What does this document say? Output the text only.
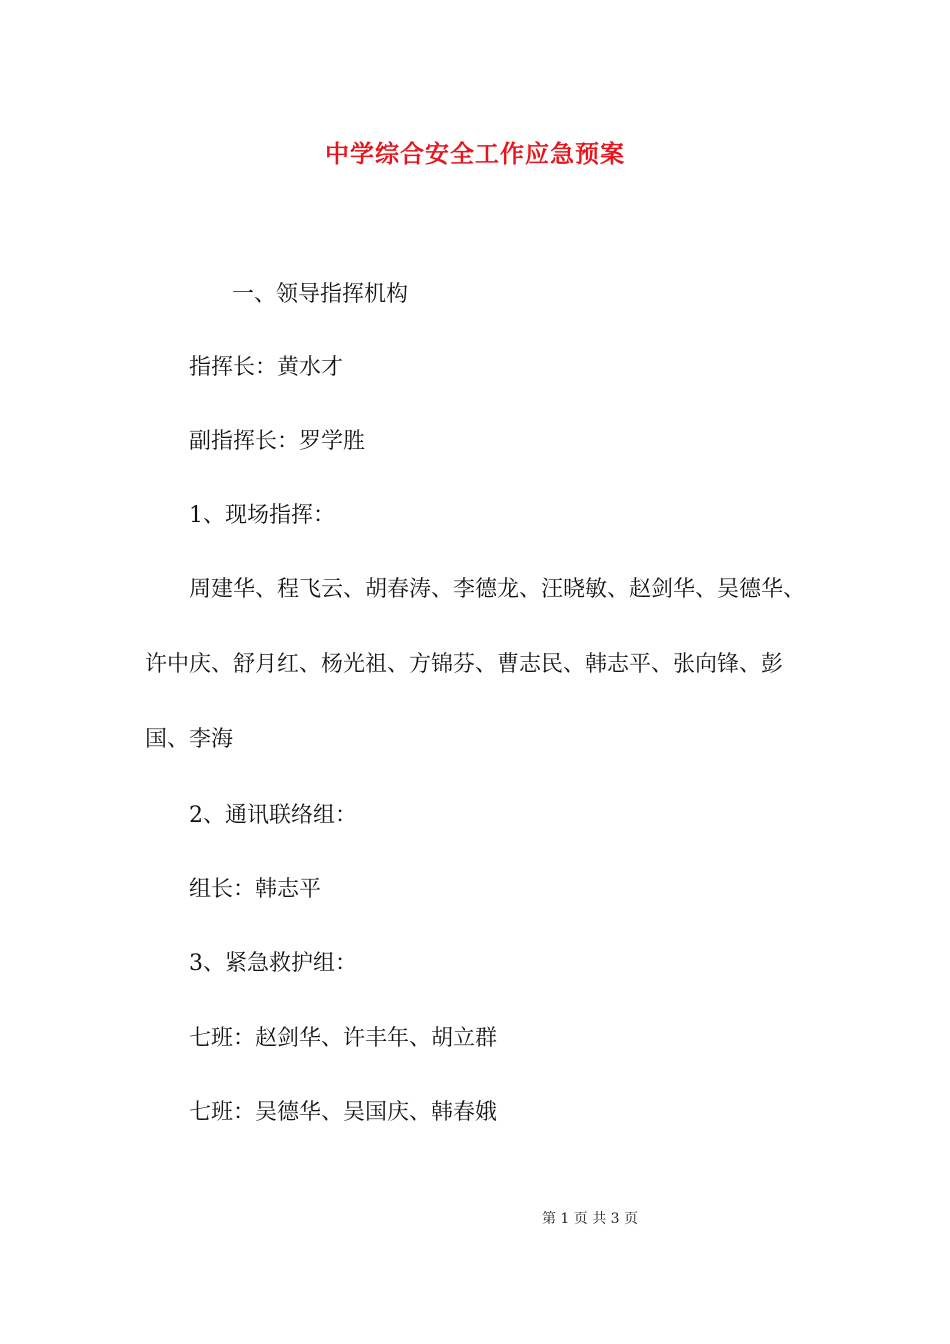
中学综合安全工作应急预案
一、领导指挥机构
指挥长：黄水才
副指挥长：罗学胜
1、现场指挥：
周建华、程飞云、胡春涛、李德龙、汪晓敏、赵剑华、吴德华、
许中庆、舒月红、杨光祖、方锦芬、曹志民、韩志平、张向锋、彭
国、李海
2、通讯联络组：
组长：韩志平
3、紧急救护组：
七班：赵剑华、许丰年、胡立群
七班：吴德华、吴国庆、韩春娥
第 1 页 共 3 页
